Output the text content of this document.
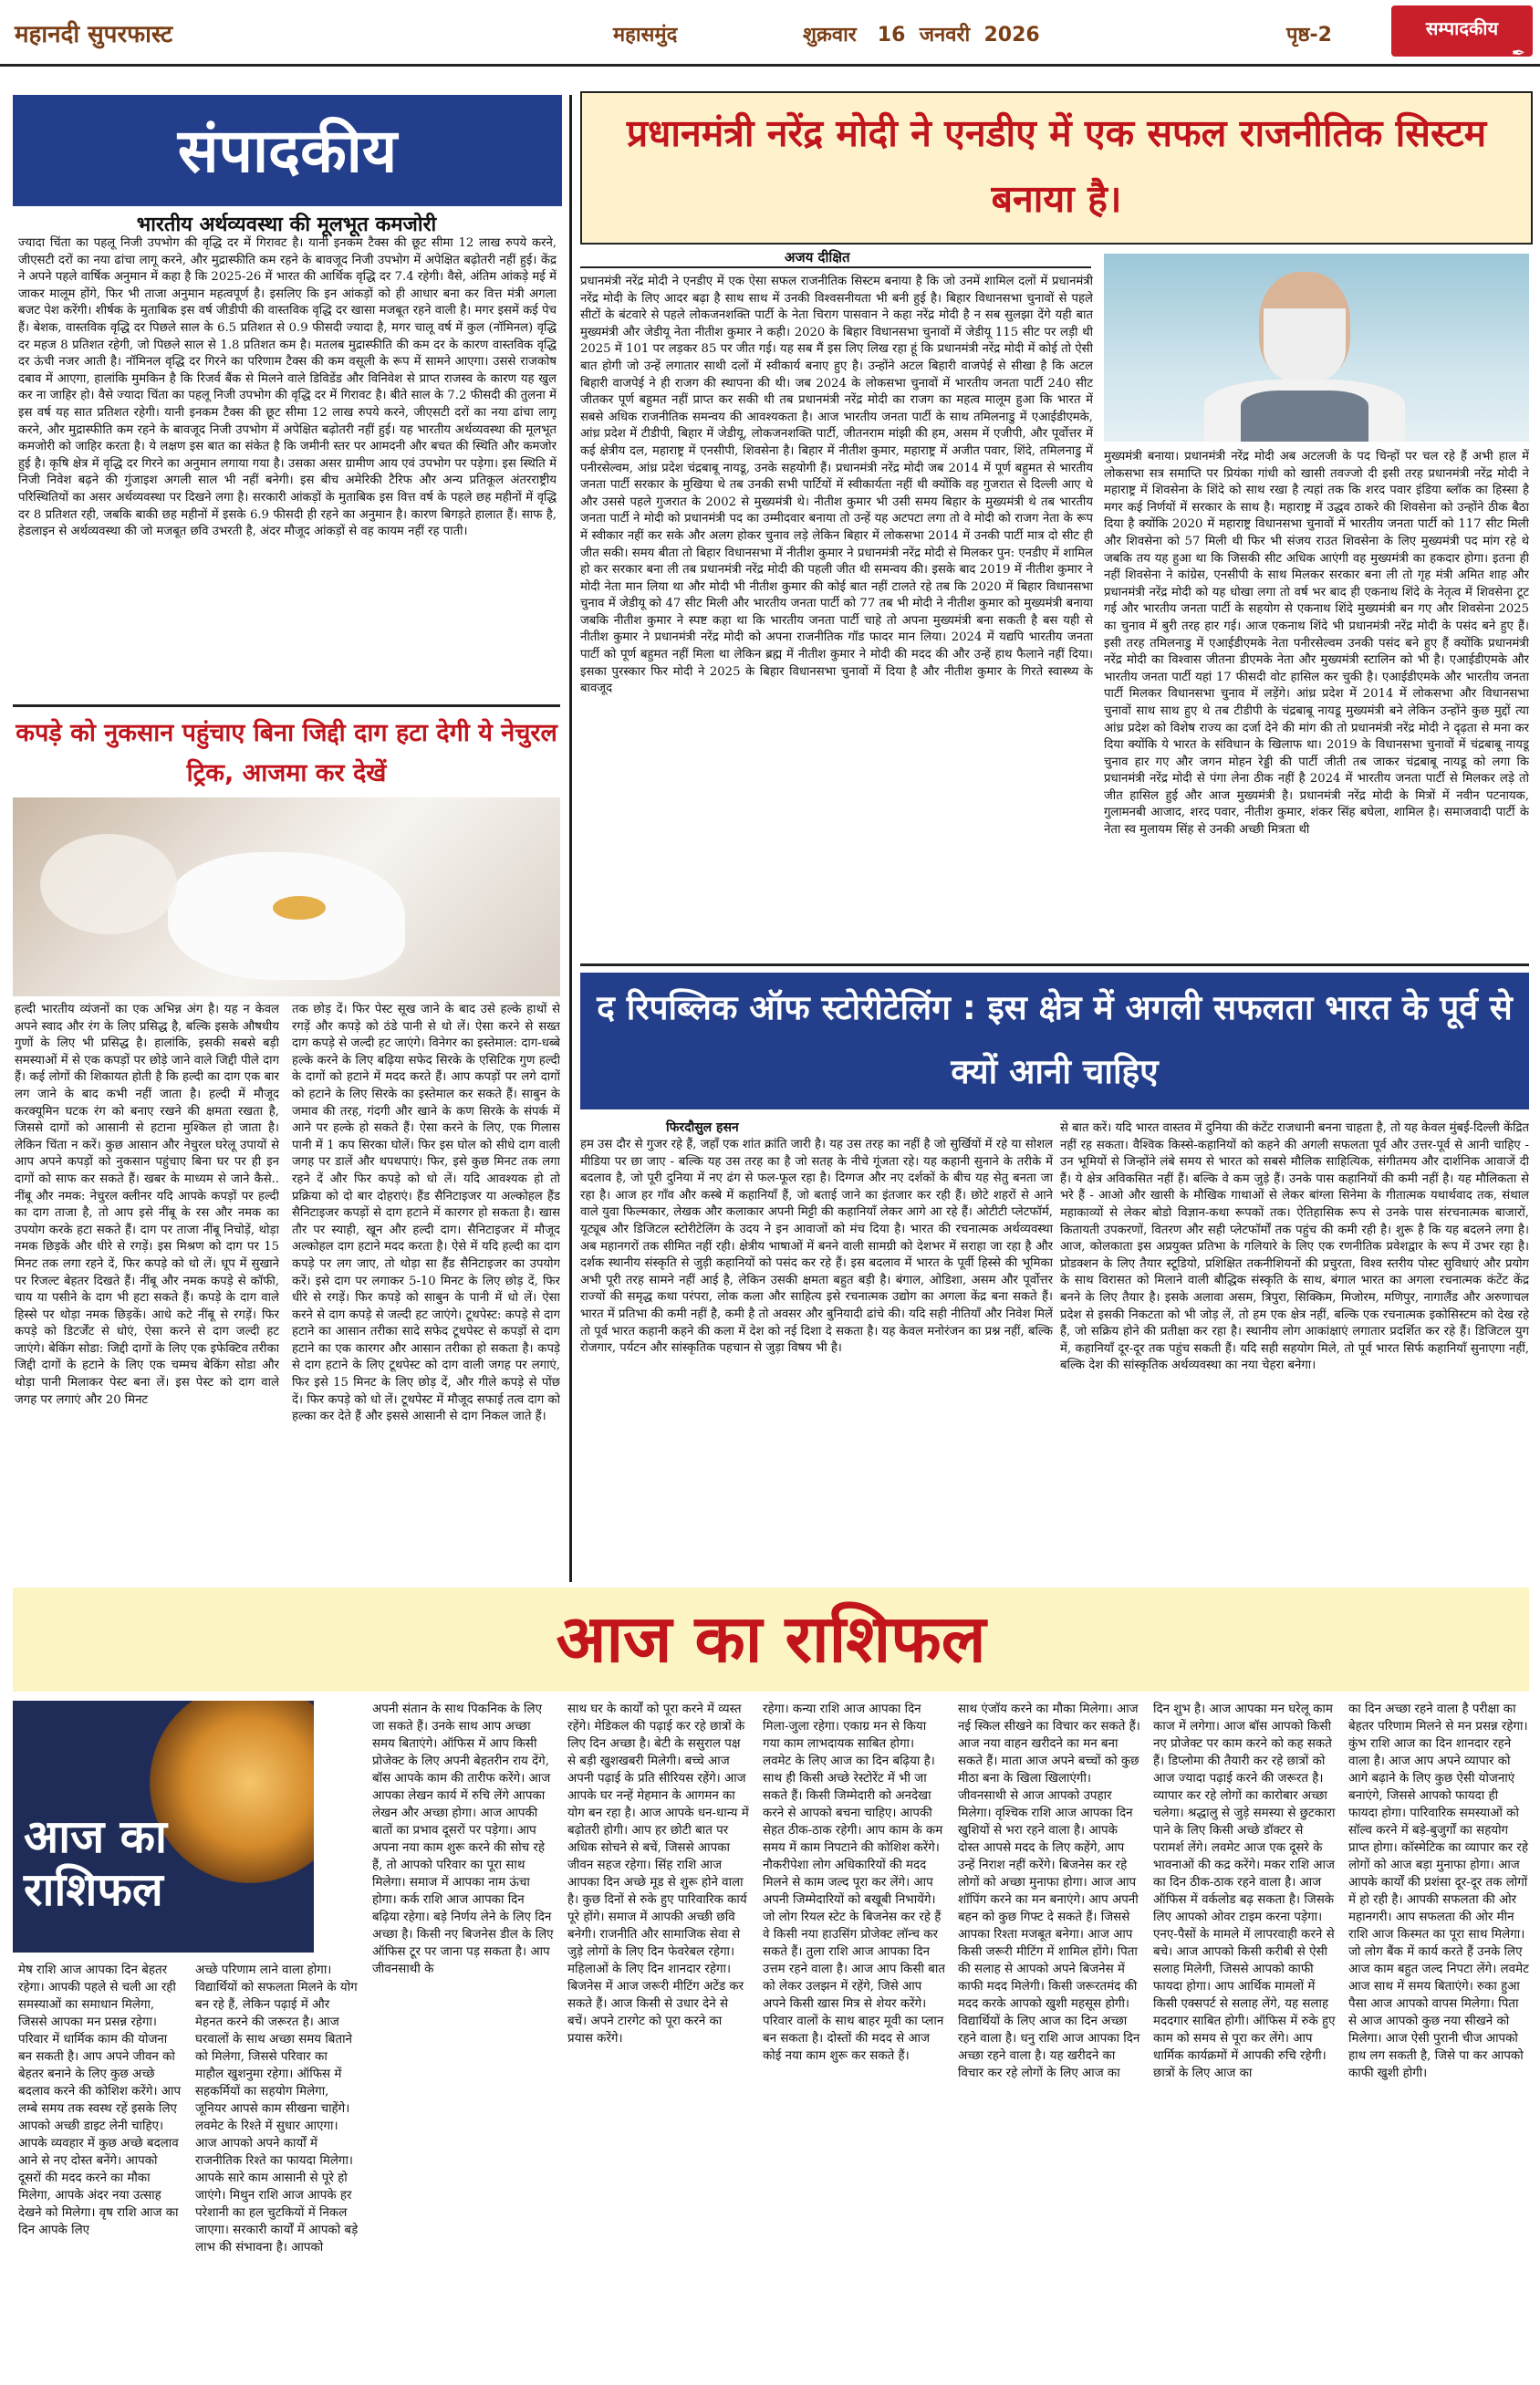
महानदी सुपरफास्ट	महासमुंद	शुक्रवार   16  जनवरी  2026	पृष्ठ-2	सम्पादकीय
✒
संपादकीय
भारतीय अर्थव्यवस्था की मूलभूत कमजोरी
ज्यादा चिंता का पहलू निजी उपभोग की वृद्धि दर में गिरावट है। यानी इनकम टैक्स की छूट सीमा 12 लाख रुपये करने, जीएसटी दरों का नया ढांचा लागू करने, और मुद्रास्फीति कम रहने के बावजूद निजी उपभोग में अपेक्षित बढ़ोतरी नहीं हुई। केंद्र ने अपने पहले वार्षिक अनुमान में कहा है कि 2025-26 में भारत की आर्थिक वृद्धि दर 7.4 रहेगी। वैसे, अंतिम आंकड़े मई में जाकर मालूम होंगे, फिर भी ताजा अनुमान महत्वपूर्ण है। इसलिए कि इन आंकड़ों को ही आधार बना कर वित्त मंत्री अगला बजट पेश करेंगी। शीर्षक के मुताबिक इस वर्ष जीडीपी की वास्तविक वृद्धि दर खासा मजबूत रहने वाली है। मगर इसमें कई पेच हैं। बेशक, वास्तविक वृद्धि दर पिछले साल के 6.5 प्रतिशत से 0.9 फीसदी ज्यादा है, मगर चालू वर्ष में कुल (नॉमिनल) वृद्धि दर महज 8 प्रतिशत रहेगी, जो पिछले साल से 1.8 प्रतिशत कम है। मतलब मुद्रास्फीति की कम दर के कारण वास्तविक वृद्धि दर ऊंची नजर आती है। नॉमिनल वृद्धि दर गिरने का परिणाम टैक्स की कम वसूली के रूप में सामने आएगा। उससे राजकोष दबाव में आएगा, हालांकि मुमकिन है कि रिजर्व बैंक से मिलने वाले डिविडेंड और विनिवेश से प्राप्त राजस्व के कारण यह खुल कर ना जाहिर हो। वैसे ज्यादा चिंता का पहलू निजी उपभोग की वृद्धि दर में गिरावट है। बीते साल के 7.2 फीसदी की तुलना में इस वर्ष यह सात प्रतिशत रहेगी। यानी इनकम टैक्स की छूट सीमा 12 लाख रुपये करने, जीएसटी दरों का नया ढांचा लागू करने, और मुद्रास्फीति कम रहने के बावजूद निजी उपभोग में अपेक्षित बढ़ोतरी नहीं हुई। यह भारतीय अर्थव्यवस्था की मूलभूत कमजोरी को जाहिर करता है। ये लक्षण इस बात का संकेत है कि जमीनी स्तर पर आमदनी और बचत की स्थिति और कमजोर हुई है। कृषि क्षेत्र में वृद्धि दर गिरने का अनुमान लगाया गया है। उसका असर ग्रामीण आय एवं उपभोग पर पड़ेगा। इस स्थिति में निजी निवेश बढ़ने की गुंजाइश अगली साल भी नहीं बनेगी। इस बीच अमेरिकी टैरिफ और अन्य प्रतिकूल अंतरराष्ट्रीय परिस्थितियों का असर अर्थव्यवस्था पर दिखने लगा है। सरकारी आंकड़ों के मुताबिक इस वित्त वर्ष के पहले छह महीनों में वृद्धि दर 8 प्रतिशत रही, जबकि बाकी छह महीनों में इसके 6.9 फीसदी ही रहने का अनुमान है। कारण बिगड़ते हालात हैं। साफ है, हेडलाइन से अर्थव्यवस्था की जो मजबूत छवि उभरती है, अंदर मौजूद आंकड़ों से वह कायम नहीं रह पाती।
कपड़े को नुकसान पहुंचाए बिना जिद्दी दाग हटा देगी ये नेचुरल ट्रिक, आजमा कर देखें
हल्दी भारतीय व्यंजनों का एक अभिन्न अंग है। यह न केवल अपने स्वाद और रंग के लिए प्रसिद्ध है, बल्कि इसके औषधीय गुणों के लिए भी प्रसिद्ध है। हालांकि, इसकी सबसे बड़ी समस्याओं में से एक कपड़ों पर छोड़े जाने वाले जिद्दी पीले दाग हैं। कई लोगों की शिकायत होती है कि हल्दी का दाग एक बार लग जाने के बाद कभी नहीं जाता है। हल्दी में मौजूद करक्यूमिन घटक रंग को बनाए रखने की क्षमता रखता है, जिससे दागों को आसानी से हटाना मुश्किल हो जाता है। लेकिन चिंता न करें। कुछ आसान और नेचुरल घरेलू उपायों से आप अपने कपड़ों को नुकसान पहुंचाए बिना घर पर ही इन दागों को साफ कर सकते हैं। खबर के माध्यम से जाने कैसे.. नींबू और नमक: नेचुरल क्लीनर यदि आपके कपड़ों पर हल्दी का दाग ताजा है, तो आप इसे नींबू के रस और नमक का उपयोग करके हटा सकते हैं। दाग पर ताजा नींबू निचोड़ें, थोड़ा नमक छिड़कें और धीरे से रगड़ें। इस मिश्रण को दाग पर 15 मिनट तक लगा रहने दें, फिर कपड़े को धो लें। धूप में सुखाने पर रिजल्ट बेहतर दिखते हैं। नींबू और नमक कपड़े से कॉफी, चाय या पसीने के दाग भी हटा सकते हैं। कपड़े के दाग वाले हिस्से पर थोड़ा नमक छिड़कें। आधे कटे नींबू से रगड़ें। फिर कपड़े को डिटर्जेंट से धोएं, ऐसा करने से दाग जल्दी हट जाएंगे। बेकिंग सोडा: जिद्दी दागों के लिए एक इफेक्टिव तरीका जिद्दी दागों के हटाने के लिए एक चम्मच बेकिंग सोडा और थोड़ा पानी मिलाकर पेस्ट बना लें। इस पेस्ट को दाग वाले जगह पर लगाएं और 20 मिनट
तक छोड़ दें। फिर पेस्ट सूख जाने के बाद उसे हल्के हाथों से रगड़ें और कपड़े को ठंडे पानी से धो लें। ऐसा करने से सख्त दाग कपड़े से जल्दी हट जाएंगे। विनेगर का इस्तेमाल: दाग-धब्बे हल्के करने के लिए बढ़िया सफेद सिरके के एसिटिक गुण हल्दी के दागों को हटाने में मदद करते हैं। आप कपड़ों पर लगे दागों को हटाने के लिए सिरके का इस्तेमाल कर सकते हैं। साबुन के जमाव की तरह, गंदगी और खाने के कण सिरके के संपर्क में आने पर हल्के हो सकते हैं। ऐसा करने के लिए, एक गिलास पानी में 1 कप सिरका घोलें। फिर इस घोल को सीधे दाग वाली जगह पर डालें और थपथपाएं। फिर, इसे कुछ मिनट तक लगा रहने दें और फिर कपड़े को धो लें। यदि आवश्यक हो तो प्रक्रिया को दो बार दोहराएं। हैंड सैनिटाइजर या अल्कोहल हैंड सैनिटाइजर कपड़ों से दाग हटाने में कारगर हो सकता है। खास तौर पर स्याही, खून और हल्दी दाग। सैनिटाइजर में मौजूद अल्कोहल दाग हटाने मदद करता है। ऐसे में यदि हल्दी का दाग कपड़े पर लग जाए, तो थोड़ा सा हैंड सैनिटाइजर का उपयोग करें। इसे दाग पर लगाकर 5-10 मिनट के लिए छोड़ दें, फिर धीरे से रगड़ें। फिर कपड़े को साबुन के पानी में धो लें। ऐसा करने से दाग कपड़े से जल्दी हट जाएंगे। टूथपेस्ट: कपड़े से दाग हटाने का आसान तरीका सादे सफेद टूथपेस्ट से कपड़ों से दाग हटाने का एक कारगर और आसान तरीका हो सकता है। कपड़े से दाग हटाने के लिए टूथपेस्ट को दाग वाली जगह पर लगाएं, फिर इसे 15 मिनट के लिए छोड़ दें, और गीले कपड़े से पोंछ दें। फिर कपड़े को धो लें। टूथपेस्ट में मौजूद सफाई तत्व दाग को हल्का कर देते हैं और इससे आसानी से दाग निकल जाते हैं।
प्रधानमंत्री नरेंद्र मोदी ने एनडीए में एक सफल राजनीतिक सिस्टम बनाया है।
अजय दीक्षित
प्रधानमंत्री नरेंद्र मोदी ने एनडीए में एक ऐसा सफल राजनीतिक सिस्टम बनाया है कि जो उनमें शामिल दलों में प्रधानमंत्री नरेंद्र मोदी के लिए आदर बढ़ा है साथ साथ में उनकी विश्वसनीयता भी बनी हुई है। बिहार विधानसभा चुनावों से पहले सीटों के बंटवारे से पहले लोकजनशक्ति पार्टी के नेता चिराग पासवान ने कहा नरेंद्र मोदी है न सब सुलझा देंगे यही बात मुख्यमंत्री और जेडीयू नेता नीतीश कुमार ने कही। 2020 के बिहार विधानसभा चुनावों में जेडीयू 115 सीट पर लड़ी थी 2025 में 101 पर लड़कर 85 पर जीत गई। यह सब मैं इस लिए लिख रहा हूं कि प्रधानमंत्री नरेंद्र मोदी में कोई तो ऐसी बात होगी जो उन्हें लगातार साथी दलों में स्वीकार्य बनाए हुए है। उन्होंने अटल बिहारी वाजपेई से सीखा है कि अटल बिहारी वाजपेई ने ही राजग की स्थापना की थी। जब 2024 के लोकसभा चुनावों में भारतीय जनता पार्टी 240 सीट जीतकर पूर्ण बहुमत नहीं प्राप्त कर सकी थी तब प्रधानमंत्री नरेंद्र मोदी का राजग का महत्व मालूम हुआ कि भारत में सबसे अधिक राजनीतिक समन्वय की आवश्यकता है। आज भारतीय जनता पार्टी के साथ तमिलनाडु में एआईडीएमके, आंध्र प्रदेश में टीडीपी, बिहार में जेडीयू, लोकजनशक्ति पार्टी, जीतनराम मांझी की हम, असम में एजीपी, और पूर्वोत्तर में कई क्षेत्रीय दल, महाराष्ट्र में एनसीपी, शिवसेना है। बिहार में नीतीश कुमार, महाराष्ट्र में अजीत पवार, शिंदे, तमिलनाडु में पनीरसेल्वम, आंध्र प्रदेश चंद्रबाबू नायडू, उनके सहयोगी हैं। प्रधानमंत्री नरेंद्र मोदी जब 2014 में पूर्ण बहुमत से भारतीय जनता पार्टी सरकार के मुखिया थे तब उनकी सभी पार्टियों में स्वीकार्यता नहीं थी क्योंकि वह गुजरात से दिल्ली आए थे और उससे पहले गुजरात के 2002 से मुख्यमंत्री थे। नीतीश कुमार भी उसी समय बिहार के मुख्यमंत्री थे तब भारतीय जनता पार्टी ने मोदी को प्रधानमंत्री पद का उम्मीदवार बनाया तो उन्हें यह अटपटा लगा तो वे मोदी को राजग नेता के रूप में स्वीकार नहीं कर सके और अलग होकर चुनाव लड़े लेकिन बिहार में लोकसभा 2014 में उनकी पार्टी मात्र दो सीट ही जीत सकी। समय बीता तो बिहार विधानसभा में नीतीश कुमार ने प्रधानमंत्री नरेंद्र मोदी से मिलकर पुन: एनडीए में शामिल हो कर सरकार बना ली तब प्रधानमंत्री नरेंद्र मोदी की पहली जीत थी समन्वय की। इसके बाद 2019 में नीतीश कुमार ने मोदी नेता मान लिया था और मोदी भी नीतीश कुमार की कोई बात नहीं टालते रहे तब कि 2020 में बिहार विधानसभा चुनाव में जेडीयू को 47 सीट मिली और भारतीय जनता पार्टी को 77 तब भी मोदी ने नीतीश कुमार को मुख्यमंत्री बनाया जबकि नीतीश कुमार ने स्पष्ट कहा था कि भारतीय जनता पार्टी चाहे तो अपना मुख्यमंत्री बना सकती है बस यही से नीतीश कुमार ने प्रधानमंत्री नरेंद्र मोदी को अपना राजनीतिक गॉड फादर मान लिया। 2024 में यद्यपि भारतीय जनता पार्टी को पूर्ण बहुमत नहीं मिला था लेकिन ब्रह्म में नीतीश कुमार ने मोदी की मदद की और उन्हें हाथ फैलाने नहीं दिया। इसका पुरस्कार फिर मोदी ने 2025 के बिहार विधानसभा चुनावों में दिया है और नीतीश कुमार के गिरते स्वास्थ्य के बावजूद
मुख्यमंत्री बनाया। प्रधानमंत्री नरेंद्र मोदी अब अटलजी के पद चिन्हों पर चल रहे हैं अभी हाल में लोकसभा सत्र समाप्ति पर प्रियंका गांधी को खासी तवज्जो दी इसी तरह प्रधानमंत्री नरेंद्र मोदी ने महाराष्ट्र में शिवसेना के शिंदे को साथ रखा है त्यहां तक कि शरद पवार इंडिया ब्लॉक का हिस्सा है मगर कई निर्णयों में सरकार के साथ है। महाराष्ट्र में उद्धव ठाकरे की शिवसेना को उन्होंने ठीक बैठा दिया है क्योंकि 2020 में महाराष्ट्र विधानसभा चुनावों में भारतीय जनता पार्टी को 117 सीट मिली और शिवसेना को 57 मिली थी फिर भी संजय राउत शिवसेना के लिए मुख्यमंत्री पद मांग रहे थे जबकि तय यह हुआ था कि जिसकी सीट अधिक आएंगी वह मुख्यमंत्री का हकदार होगा। इतना ही नहीं शिवसेना ने कांग्रेस, एनसीपी के साथ मिलकर सरकार बना ली तो गृह मंत्री अमित शाह और प्रधानमंत्री नरेंद्र मोदी को यह धोखा लगा तो वर्ष भर बाद ही एकनाथ शिंदे के नेतृत्व में शिवसेना टूट गई और भारतीय जनता पार्टी के सहयोग से एकनाथ शिंदे मुख्यमंत्री बन गए और शिवसेना 2025 का चुनाव में बुरी तरह हार गई। आज एकनाथ शिंदे भी प्रधानमंत्री नरेंद्र मोदी के पसंद बने हुए हैं। इसी तरह तमिलनाडु में एआईडीएमके नेता पनीरसेल्वम उनकी पसंद बने हुए हैं क्योंकि प्रधानमंत्री नरेंद्र मोदी का विश्वास जीतना डीएमके नेता और मुख्यमंत्री स्टालिन को भी है। एआईडीएमके और भारतीय जनता पार्टी यहां 17 फीसदी वोट हासिल कर चुकी है। एआईडीएमके और भारतीय जनता पार्टी मिलकर विधानसभा चुनाव में लड़ेंगे। आंध्र प्रदेश में 2014 में लोकसभा और विधानसभा चुनावों साथ साथ हुए थे तब टीडीपी के चंद्रबाबू नायडू मुख्यमंत्री बने लेकिन उन्होंने कुछ मुद्दों त्या आंध्र प्रदेश को विशेष राज्य का दर्जा देने की मांग की तो प्रधानमंत्री नरेंद्र मोदी ने दृढ़ता से मना कर दिया क्योंकि ये भारत के संविधान के खिलाफ था। 2019 के विधानसभा चुनावों में चंद्रबाबू नायडू चुनाव हार गए और जगन मोहन रेड्डी की पार्टी जीती तब जाकर चंद्रबाबू नायडू को लगा कि प्रधानमंत्री नरेंद्र मोदी से पंगा लेना ठीक नहीं है 2024 में भारतीय जनता पार्टी से मिलकर लड़े तो जीत हासिल हुई और आज मुख्यमंत्री है। प्रधानमंत्री नरेंद्र मोदी के मित्रों में नवीन पटनायक, गुलामनबी आजाद, शरद पवार, नीतीश कुमार, शंकर सिंह बघेला, शामिल है। समाजवादी पार्टी के नेता स्व मुलायम सिंह से उनकी अच्छी मित्रता थी
द रिपब्लिक ऑफ स्टोरीटेलिंग : इस क्षेत्र में अगली सफलता भारत के पूर्व से क्यों आनी चाहिए
फिरदौसुल हसन
हम उस दौर से गुजर रहे हैं, जहाँ एक शांत क्रांति जारी है। यह उस तरह का नहीं है जो सुर्खियों में रहे या सोशल मीडिया पर छा जाए - बल्कि यह उस तरह का है जो सतह के नीचे गूंजता रहे। यह कहानी सुनाने के तरीके में बदलाव है, जो पूरी दुनिया में नए ढंग से फल-फूल रहा है। दिग्गज और नए दर्शकों के बीच यह सेतु बनता जा रहा है। आज हर गाँव और कस्बे में कहानियाँ हैं, जो बताई जाने का इंतजार कर रही हैं। छोटे शहरों से आने वाले युवा फिल्मकार, लेखक और कलाकार अपनी मिट्टी की कहानियाँ लेकर आगे आ रहे हैं। ओटीटी प्लेटफॉर्म, यूट्यूब और डिजिटल स्टोरीटेलिंग के उदय ने इन आवाजों को मंच दिया है। भारत की रचनात्मक अर्थव्यवस्था अब महानगरों तक सीमित नहीं रही। क्षेत्रीय भाषाओं में बनने वाली सामग्री को देशभर में सराहा जा रहा है और दर्शक स्थानीय संस्कृति से जुड़ी कहानियों को पसंद कर रहे हैं। इस बदलाव में भारत के पूर्वी हिस्से की भूमिका अभी पूरी तरह सामने नहीं आई है, लेकिन उसकी क्षमता बहुत बड़ी है। बंगाल, ओडिशा, असम और पूर्वोत्तर राज्यों की समृद्ध कथा परंपरा, लोक कला और साहित्य इसे रचनात्मक उद्योग का अगला केंद्र बना सकते हैं। भारत में प्रतिभा की कमी नहीं है, कमी है तो अवसर और बुनियादी ढांचे की। यदि सही नीतियाँ और निवेश मिलें तो पूर्व भारत कहानी कहने की कला में देश को नई दिशा दे सकता है। यह केवल मनोरंजन का प्रश्न नहीं, बल्कि रोजगार, पर्यटन और सांस्कृतिक पहचान से जुड़ा विषय भी है।
से बात करें। यदि भारत वास्तव में दुनिया की कंटेंट राजधानी बनना चाहता है, तो यह केवल मुंबई-दिल्ली केंद्रित नहीं रह सकता। वैश्विक किस्से-कहानियों को कहने की अगली सफलता पूर्व और उत्तर-पूर्व से आनी चाहिए - उन भूमियों से जिन्होंने लंबे समय से भारत को सबसे मौलिक साहित्यिक, संगीतमय और दार्शनिक आवाजें दी हैं। ये क्षेत्र अविकसित नहीं हैं। बल्कि वे कम जुड़े हैं। उनके पास कहानियों की कमी नहीं है। यह मौलिकता से भरे हैं - आओ और खासी के मौखिक गाथाओं से लेकर बांग्ला सिनेमा के गीतात्मक यथार्थवाद तक, संथाल महाकाव्यों से लेकर बोडो विज्ञान-कथा रूपकों तक। ऐतिहासिक रूप से उनके पास संरचनात्मक बाजारों, कितायती उपकरणों, वितरण और सही प्लेटफॉर्मों तक पहुंच की कमी रही है। शुरू है कि यह बदलने लगा है। आज, कोलकाता इस अप्रयुक्त प्रतिभा के गलियारे के लिए एक रणनीतिक प्रवेशद्वार के रूप में उभर रहा है। प्रोडक्शन के लिए तैयार स्टूडियो, प्रशिक्षित तकनीशियनों की प्रचुरता, विश्व स्तरीय पोस्ट सुविधाएं और प्रयोग के साथ विरासत को मिलाने वाली बौद्धिक संस्कृति के साथ, बंगाल भारत का अगला रचनात्मक कंटेंट केंद्र बनने के लिए तैयार है। इसके अलावा असम, त्रिपुरा, सिक्किम, मिजोरम, मणिपुर, नागालैंड और अरुणाचल प्रदेश से इसकी निकटता को भी जोड़ लें, तो हम एक क्षेत्र नहीं, बल्कि एक रचनात्मक इकोसिस्टम को देख रहे हैं, जो सक्रिय होने की प्रतीक्षा कर रहा है। स्थानीय लोग आकांक्षाएं लगातार प्रदर्शित कर रहे हैं। डिजिटल युग में, कहानियाँ दूर-दूर तक पहुंच सकती हैं। यदि सही सहयोग मिले, तो पूर्व भारत सिर्फ कहानियाँ सुनाएगा नहीं, बल्कि देश की सांस्कृतिक अर्थव्यवस्था का नया चेहरा बनेगा।
आज का राशिफल
आज का
राशिफल
मेष राशि आज आपका दिन बेहतर रहेगा। आपकी पहले से चली आ रही समस्याओं का समाधान मिलेगा, जिससे आपका मन प्रसन्न रहेगा। परिवार में धार्मिक काम की योजना बन सकती है। आप अपने जीवन को बेहतर बनाने के लिए कुछ अच्छे बदलाव करने की कोशिश करेंगे। आप लम्बे समय तक स्वस्थ रहें इसके लिए आपको अच्छी डाइट लेनी चाहिए। आपके व्यवहार में कुछ अच्छे बदलाव आने से नए दोस्त बनेंगे। आपको दूसरों की मदद करने का मौका मिलेगा, आपके अंदर नया उत्साह देखने को मिलेगा। वृष राशि आज का दिन आपके लिए
अच्छे परिणाम लाने वाला होगा। विद्यार्थियों को सफलता मिलने के योग बन रहे हैं, लेकिन पढ़ाई में और मेहनत करने की जरूरत है। आज घरवालों के साथ अच्छा समय बिताने को मिलेगा, जिससे परिवार का माहौल खुशनुमा रहेगा। ऑफिस में सहकर्मियों का सहयोग मिलेगा, जूनियर आपसे काम सीखना चाहेंगे। लवमेट के रिश्ते में सुधार आएगा। आज आपको अपने कार्यों में राजनीतिक रिश्ते का फायदा मिलेगा। आपके सारे काम आसानी से पूरे हो जाएंगे। मिथुन राशि आज आपके हर परेशानी का हल चुटकियों में निकल जाएगा। सरकारी कार्यों में आपको बड़े लाभ की संभावना है। आपको
अपनी संतान के साथ पिकनिक के लिए जा सकते हैं। उनके साथ आप अच्छा समय बिताएंगे। ऑफिस में आप किसी प्रोजेक्ट के लिए अपनी बेहतरीन राय देंगे, बॉस आपके काम की तारीफ करेंगे। आज आपका लेखन कार्य में रुचि लेंगे आपका लेखन और अच्छा होगा। आज आपकी बातों का प्रभाव दूसरों पर पड़ेगा। आप अपना नया काम शुरू करने की सोच रहे हैं, तो आपको परिवार का पूरा साथ मिलेगा। समाज में आपका नाम ऊंचा होगा। कर्क राशि आज आपका दिन बढ़िया रहेगा। बड़े निर्णय लेने के लिए दिन अच्छा है। किसी नए बिजनेस डील के लिए ऑफिस टूर पर जाना पड़ सकता है। आप जीवनसाथी के
साथ घर के कार्यों को पूरा करने में व्यस्त रहेंगे। मेडिकल की पढ़ाई कर रहे छात्रों के लिए दिन अच्छा है। बेटी के ससुराल पक्ष से बड़ी खुशखबरी मिलेगी। बच्चे आज अपनी पढ़ाई के प्रति सीरियस रहेंगे। आज आपके घर नन्हें मेहमान के आगमन का योग बन रहा है। आज आपके धन-धान्य में बढ़ोतरी होगी। आप हर छोटी बात पर अधिक सोचने से बचें, जिससे आपका जीवन सहज रहेगा। सिंह राशि आज आपका दिन अच्छे मूड से शुरू होने वाला है। कुछ दिनों से रुके हुए पारिवारिक कार्य पूरे होंगे। समाज में आपकी अच्छी छवि बनेगी। राजनीति और सामाजिक सेवा से जुड़े लोगों के लिए दिन फेवरेबल रहेगा। महिलाओं के लिए दिन शानदार रहेगा। बिजनेस में आज जरूरी मीटिंग अटेंड कर सकते हैं। आज किसी से उधार देने से बचें। अपने टारगेट को पूरा करने का प्रयास करेंगे।
रहेगा। कन्या राशि आज आपका दिन मिला-जुला रहेगा। एकाग्र मन से किया गया काम लाभदायक साबित होगा। लवमेट के लिए आज का दिन बढ़िया है। साथ ही किसी अच्छे रेस्टोरेंट में भी जा सकते हैं। किसी जिम्मेदारी को अनदेखा करने से आपको बचना चाहिए। आपकी सेहत ठीक-ठाक रहेगी। आप काम के कम समय में काम निपटाने की कोशिश करेंगे। नौकरीपेशा लोग अधिकारियों की मदद मिलने से काम जल्द पूरा कर लेंगे। आप अपनी जिम्मेदारियों को बखूबी निभायेंगे। जो लोग रियल स्टेट के बिजनेस कर रहे हैं वे किसी नया हाउसिंग प्रोजेक्ट लॉन्च कर सकते हैं। तुला राशि आज आपका दिन उत्तम रहने वाला है। आज आप किसी बात को लेकर उलझन में रहेंगे, जिसे आप अपने किसी खास मित्र से शेयर करेंगे। परिवार वालों के साथ बाहर मूवी का प्लान बन सकता है। दोस्तों की मदद से आज कोई नया काम शुरू कर सकते हैं।
साथ एंजॉय करने का मौका मिलेगा। आज नई स्किल सीखने का विचार कर सकते हैं। आज नया वाहन खरीदने का मन बना सकते हैं। माता आज अपने बच्चों को कुछ मीठा बना के खिला खिलाएंगी। जीवनसाथी से आज आपको उपहार मिलेगा। वृश्चिक राशि आज आपका दिन खुशियों से भरा रहने वाला है। आपके दोस्त आपसे मदद के लिए कहेंगे, आप उन्हें निराश नहीं करेंगे। बिजनेस कर रहे लोगों को अच्छा मुनाफा होगा। आज आप शॉपिंग करने का मन बनाएंगे। आप अपनी बहन को कुछ गिफ्ट दे सकते हैं। जिससे आपका रिश्ता मजबूत बनेगा। आज आप किसी जरूरी मीटिंग में शामिल होंगे। पिता की सलाह से आपको अपने बिजनेस में काफी मदद मिलेगी। किसी जरूरतमंद की मदद करके आपको खुशी महसूस होगी। विद्यार्थियों के लिए आज का दिन अच्छा रहने वाला है। धनु राशि आज आपका दिन अच्छा रहने वाला है। यह खरीदने का विचार कर रहे लोगों के लिए आज का
दिन शुभ है। आज आपका मन घरेलू काम काज में लगेगा। आज बॉस आपको किसी नए प्रोजेक्ट पर काम करने को कह सकते हैं। डिप्लोमा की तैयारी कर रहे छात्रों को आज ज्यादा पढ़ाई करने की जरूरत है। व्यापार कर रहे लोगों का कारोबार अच्छा चलेगा। श्रद्धालु से जुड़े समस्या से छुटकारा पाने के लिए किसी अच्छे डॉक्टर से परामर्श लेंगे। लवमेट आज एक दूसरे के भावनाओं की कद्र करेंगे। मकर राशि आज का दिन ठीक-ठाक रहने वाला है। आज ऑफिस में वर्कलोड बढ़ सकता है। जिसके लिए आपको ओवर टाइम करना पड़ेगा। एनए-पैसों के मामले में लापरवाही करने से बचे। आज आपको किसी करीबी से ऐसी सलाह मिलेगी, जिससे आपको काफी फायदा होगा। आप आर्थिक मामलों में किसी एक्सपर्ट से सलाह लेंगे, यह सलाह मददगार साबित होगी। ऑफिस में रुके हुए काम को समय से पूरा कर लेंगे। आप धार्मिक कार्यक्रमों में आपकी रुचि रहेगी। छात्रों के लिए आज का
का दिन अच्छा रहने वाला है परीक्षा का बेहतर परिणाम मिलने से मन प्रसन्न रहेगा। कुंभ राशि आज का दिन शानदार रहने वाला है। आज आप अपने व्यापार को आगे बढ़ाने के लिए कुछ ऐसी योजनाएं बनाएंगे, जिससे आपको फायदा ही फायदा होगा। पारिवारिक समस्याओं को सॉल्व करने में बड़े-बुजुर्गों का सहयोग प्राप्त होगा। कॉस्मेटिक का व्यापार कर रहे लोगों को आज बड़ा मुनाफा होगा। आज आपके कार्यों की प्रशंसा दूर-दूर तक लोगों में हो रही है। आपकी सफलता की ओर महानगरी। आप सफलता की ओर मीन राशि आज किस्मत का पूरा साथ मिलेगा। जो लोग बैंक में कार्य करते हैं उनके लिए आज काम बहुत जल्द निपटा लेंगे। लवमेट आज साथ में समय बिताएंगे। रुका हुआ पैसा आज आपको वापस मिलेगा। पिता से आज आपको कुछ नया सीखने को मिलेगा। आज ऐसी पुरानी चीज आपको हाथ लग सकती है, जिसे पा कर आपको काफी खुशी होगी।
